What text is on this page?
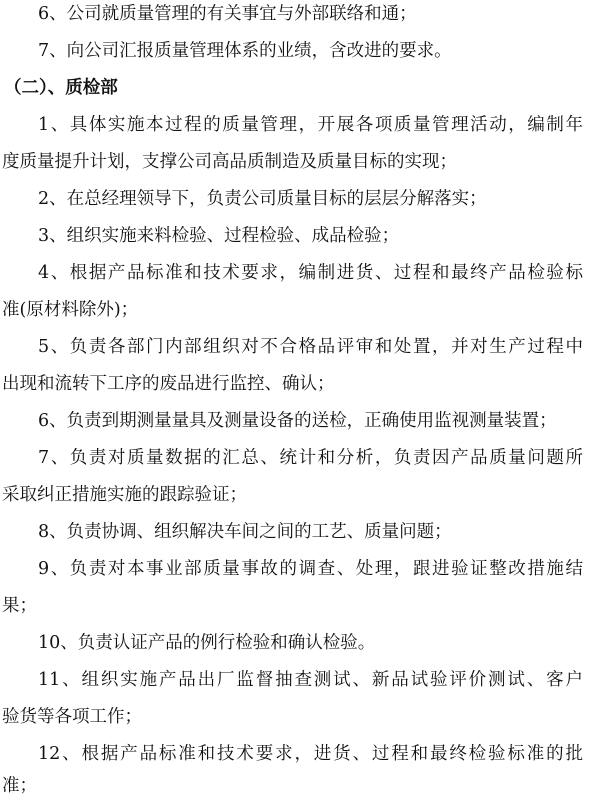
6、公司就质量管理的有关事宜与外部联络和通；
7、向公司汇报质量管理体系的业绩，含改进的要求。
（二）、质检部
1、具体实施本过程的质量管理，开展各项质量管理活动，编制年
度质量提升计划，支撑公司高品质制造及质量目标的实现；
2、在总经理领导下，负责公司质量目标的层层分解落实；
3、组织实施来料检验、过程检验、成品检验；
4、根据产品标准和技术要求，编制进货、过程和最终产品检验标
准(原材料除外)；
5、负责各部门内部组织对不合格品评审和处置，并对生产过程中
出现和流转下工序的废品进行监控、确认；
6、负责到期测量量具及测量设备的送检，正确使用监视测量装置；
7、负责对质量数据的汇总、统计和分析，负责因产品质量问题所
采取纠正措施实施的跟踪验证；
8、负责协调、组织解决车间之间的工艺、质量问题；
9、负责对本事业部质量事故的调查、处理，跟进验证整改措施结
果；
10、负责认证产品的例行检验和确认检验。
11、组织实施产品出厂监督抽查测试、新品试验评价测试、客户
验货等各项工作；
12、根据产品标准和技术要求，进货、过程和最终检验标准的批
准；
